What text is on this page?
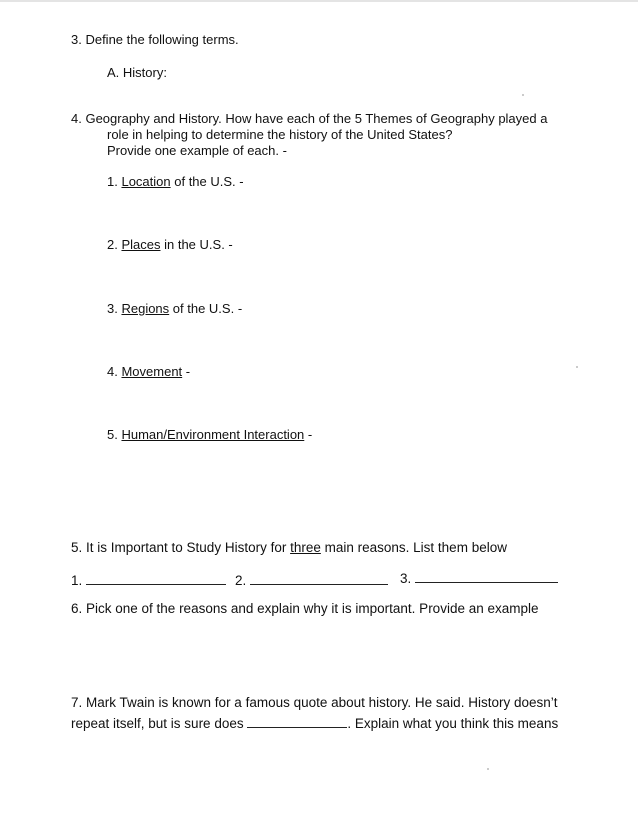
3. Define the following terms.
A. History:
4. Geography and History. How have each of the 5 Themes of Geography played a
role in helping to determine the history of the United States?
Provide one example of each. -
1. Location of the U.S. -
2. Places in the U.S. -
3. Regions of the U.S. -
4. Movement -
5. Human/Environment Interaction -
5. It is Important to Study History for three main reasons. List them below
1.	2.	3.
6. Pick one of the reasons and explain why it is important. Provide an example
7. Mark Twain is known for a famous quote about history. He said. History doesn’t
repeat itself, but is sure does	. Explain what you think this means
